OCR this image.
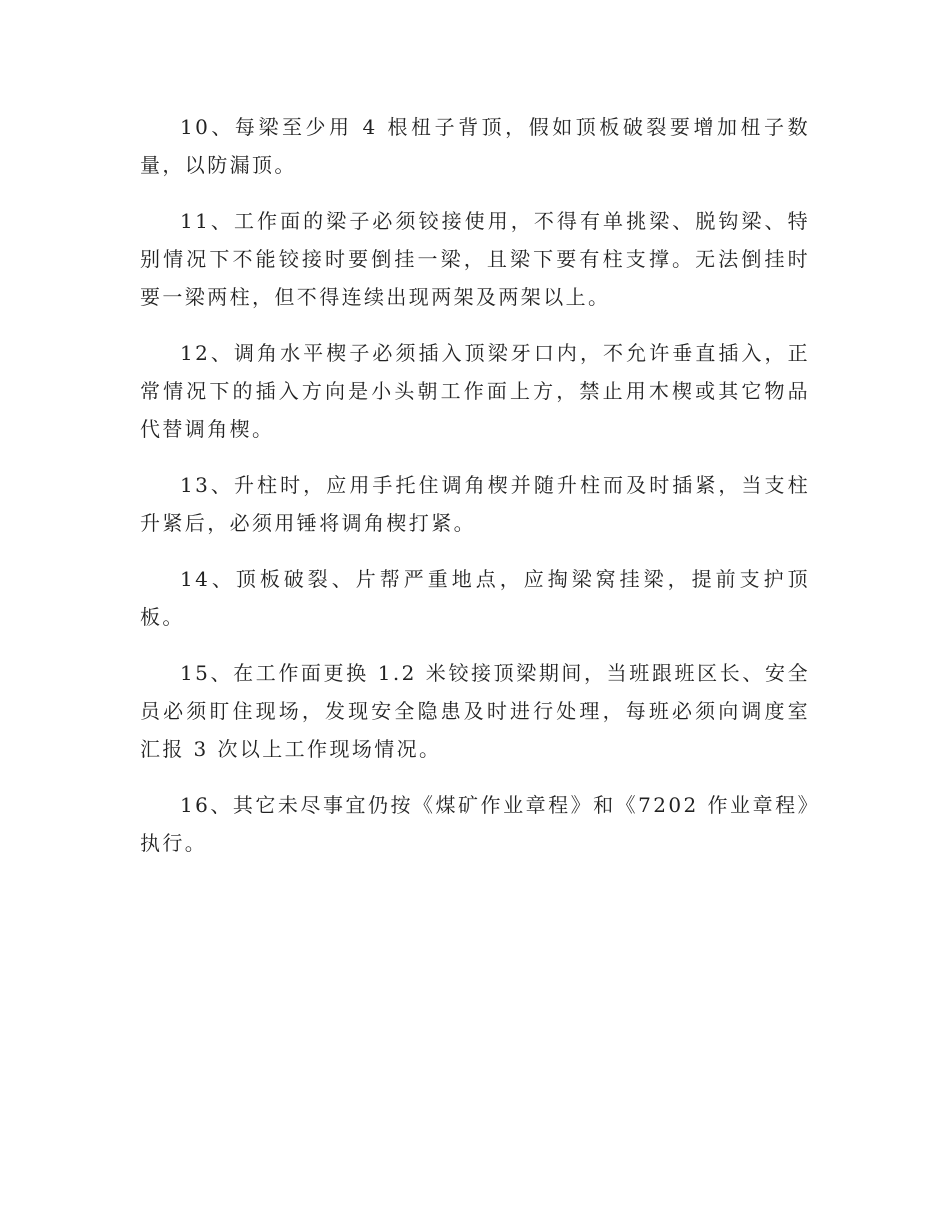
10、每梁至少用 4 根杻子背顶，假如顶板破裂要增加杻子数量，以防漏顶。

11、工作面的梁子必须铰接使用，不得有单挑梁、脱钩梁、特别情况下不能铰接时要倒挂一梁，且梁下要有柱支撑。无法倒挂时要一梁两柱，但不得连续出现两架及两架以上。

12、调角水平楔子必须插入顶梁牙口内，不允许垂直插入，正常情况下的插入方向是小头朝工作面上方，禁止用木楔或其它物品代替调角楔。

13、升柱时，应用手托住调角楔并随升柱而及时插紧，当支柱升紧后，必须用锤将调角楔打紧。

14、顶板破裂、片帮严重地点，应掏梁窝挂梁，提前支护顶板。

15、在工作面更换 1.2 米铰接顶梁期间，当班跟班区长、安全员必须盯住现场，发现安全隐患及时进行处理，每班必须向调度室汇报 3 次以上工作现场情况。

16、其它未尽事宜仍按《煤矿作业章程》和《7202 作业章程》执行。
